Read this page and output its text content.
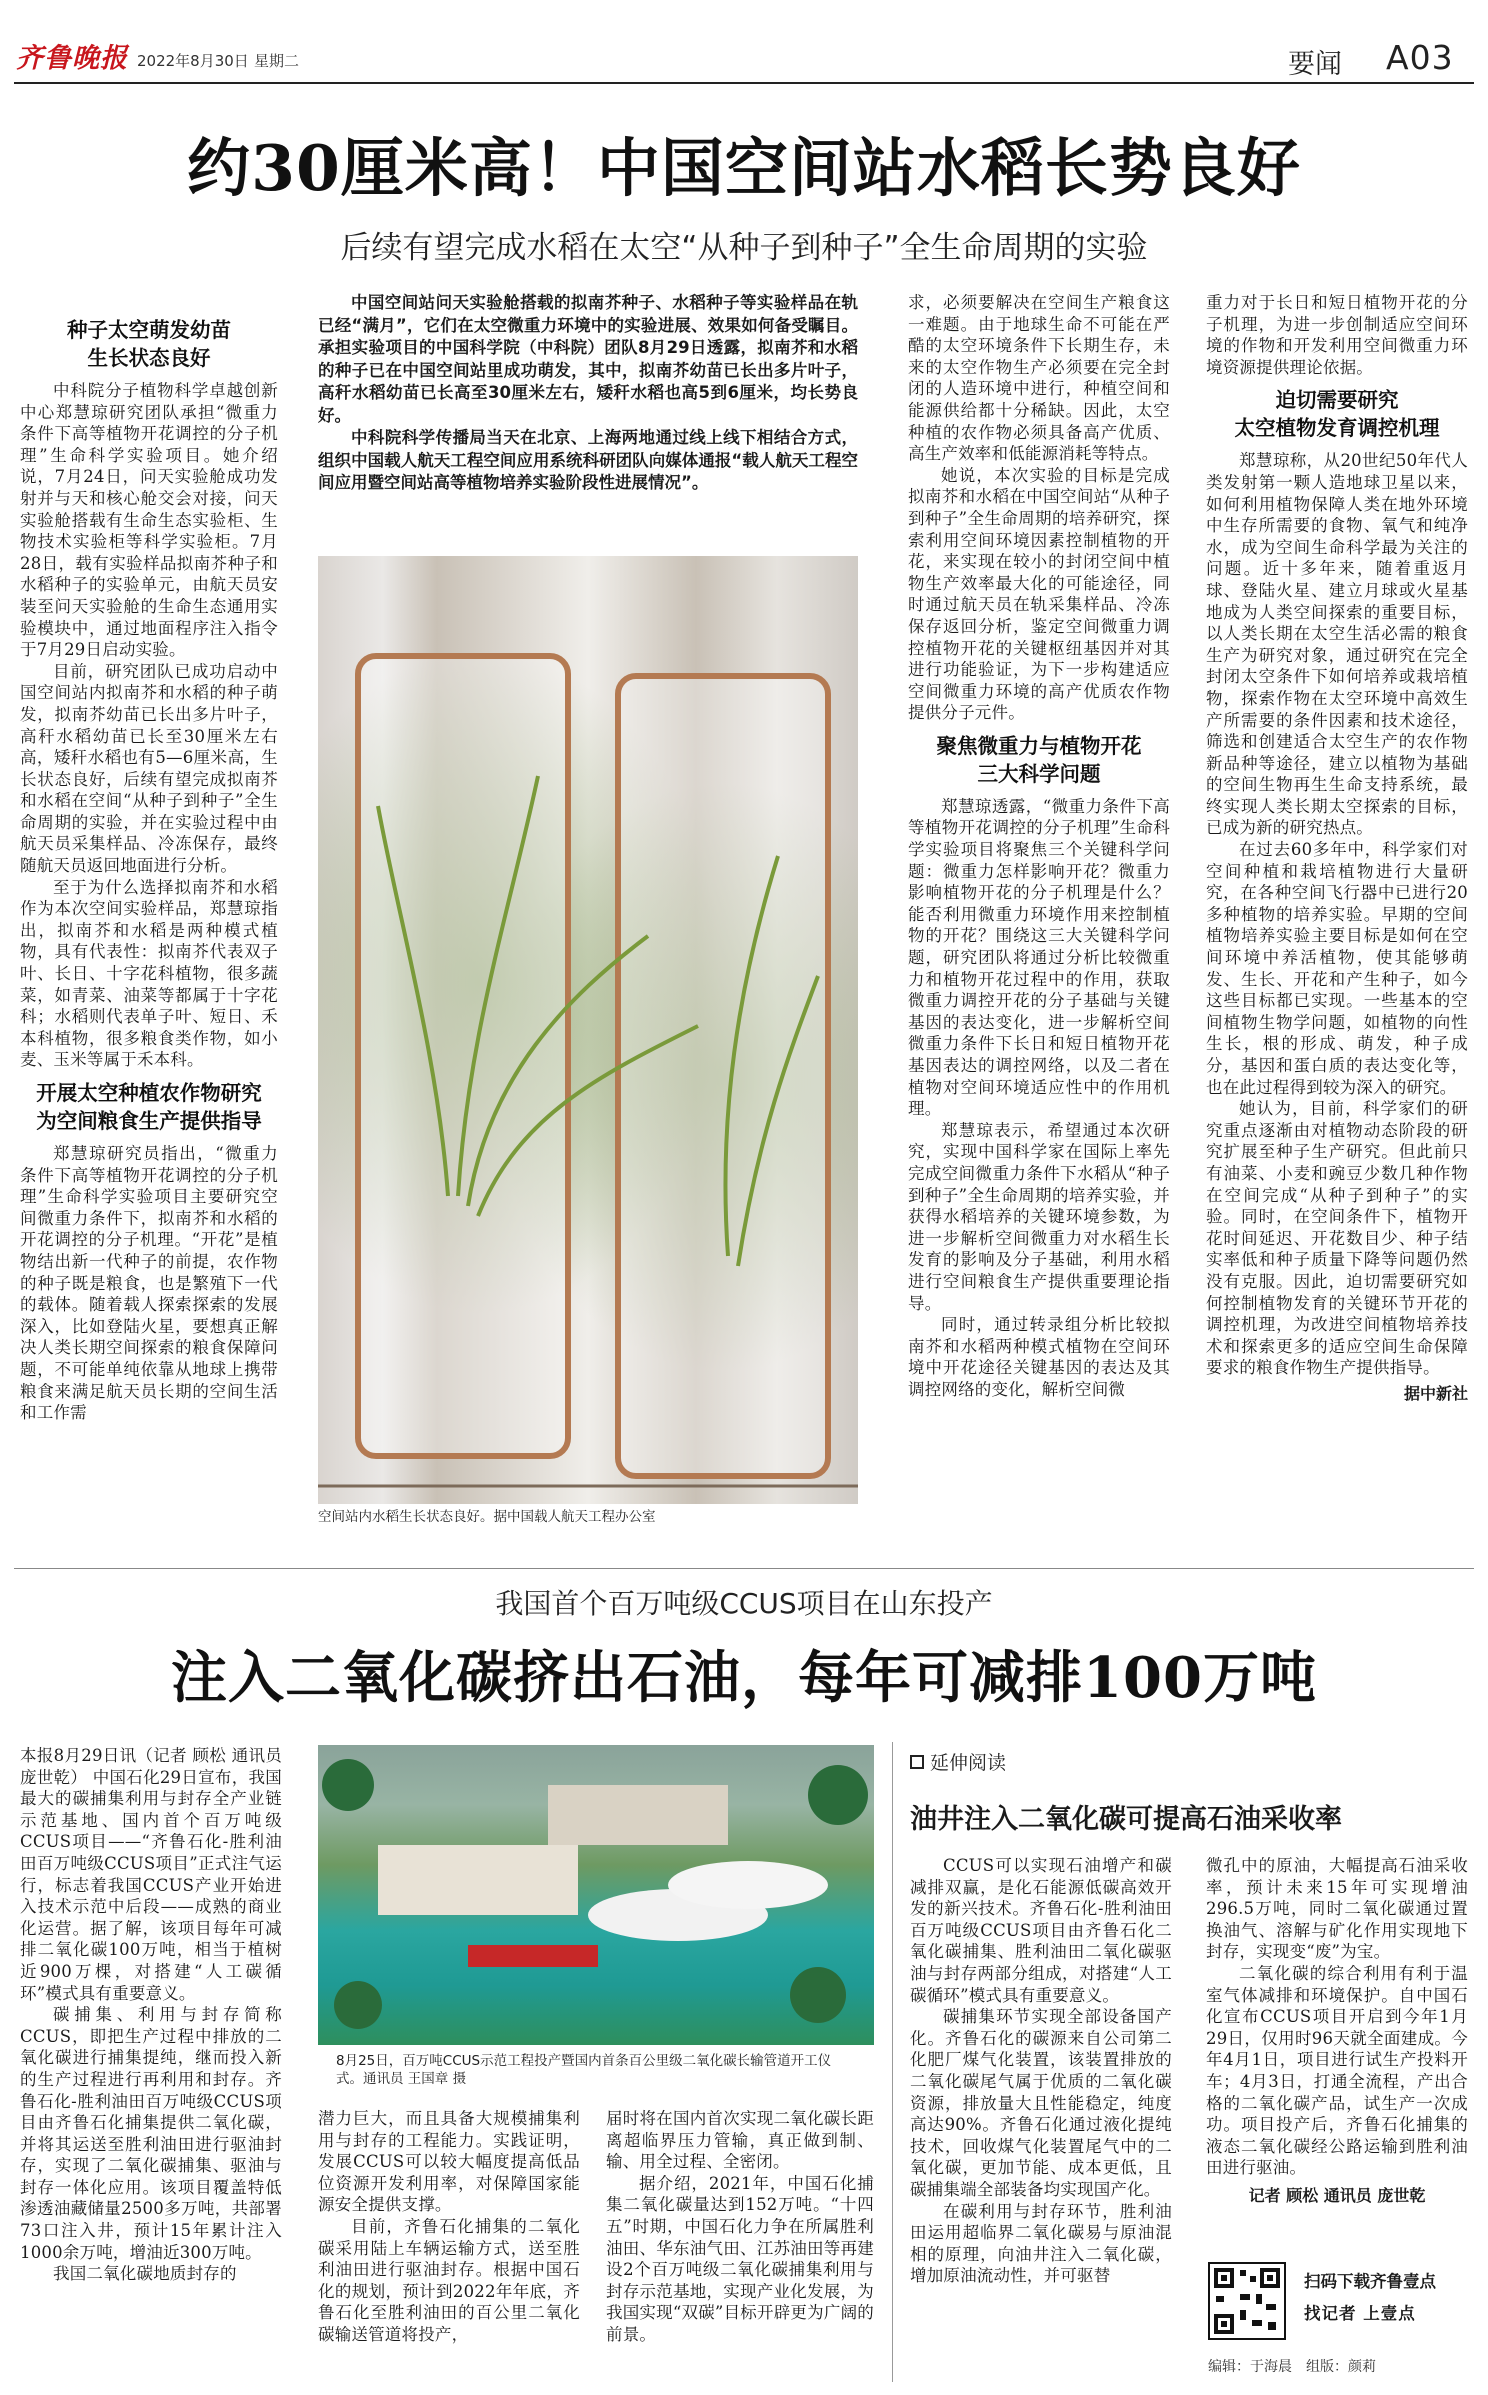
齐鲁晚报 2022年8月30日 星期二	要闻 A03
约30厘米高！中国空间站水稻长势良好
后续有望完成水稻在太空“从种子到种子”全生命周期的实验
种子太空萌发幼苗
生长状态良好

中科院分子植物科学卓越创新中心郑慧琼研究团队承担“微重力条件下高等植物开花调控的分子机理”生命科学实验项目。她介绍说，7月24日，问天实验舱成功发射并与天和核心舱交会对接，问天实验舱搭载有生命生态实验柜、生物技术实验柜等科学实验柜。7月28日，载有实验样品拟南芥种子和水稻种子的实验单元，由航天员安装至问天实验舱的生命生态通用实验模块中，通过地面程序注入指令于7月29日启动实验。

目前，研究团队已成功启动中国空间站内拟南芥和水稻的种子萌发，拟南芥幼苗已长出多片叶子，高秆水稻幼苗已长至30厘米左右高，矮秆水稻也有5—6厘米高，生长状态良好，后续有望完成拟南芥和水稻在空间“从种子到种子”全生命周期的实验，并在实验过程中由航天员采集样品、冷冻保存，最终随航天员返回地面进行分析。

至于为什么选择拟南芥和水稻作为本次空间实验样品，郑慧琼指出，拟南芥和水稻是两种模式植物，具有代表性：拟南芥代表双子叶、长日、十字花科植物，很多蔬菜，如青菜、油菜等都属于十字花科；水稻则代表单子叶、短日、禾本科植物，很多粮食类作物，如小麦、玉米等属于禾本科。

开展太空种植农作物研究
为空间粮食生产提供指导

郑慧琼研究员指出，“微重力条件下高等植物开花调控的分子机理”生命科学实验项目主要研究空间微重力条件下，拟南芥和水稻的开花调控的分子机理。“开花”是植物结出新一代种子的前提，农作物的种子既是粮食，也是繁殖下一代的载体。随着载人探索探索的发展深入，比如登陆火星，要想真正解决人类长期空间探索的粮食保障问题，不可能单纯依靠从地球上携带粮食来满足航天员长期的空间生活和工作需

中国空间站问天实验舱搭载的拟南芥种子、水稻种子等实验样品在轨已经“满月”，它们在太空微重力环境中的实验进展、效果如何备受瞩目。承担实验项目的中国科学院（中科院）团队8月29日透露，拟南芥和水稻的种子已在中国空间站里成功萌发，其中，拟南芥幼苗已长出多片叶子，高秆水稻幼苗已长高至30厘米左右，矮秆水稻也高5到6厘米，均长势良好。

中科院科学传播局当天在北京、上海两地通过线上线下相结合方式，组织中国载人航天工程空间应用系统科研团队向媒体通报“载人航天工程空间应用暨空间站高等植物培养实验阶段性进展情况”。

空间站内水稻生长状态良好。据中国载人航天工程办公室

求，必须要解决在空间生产粮食这一难题。由于地球生命不可能在严酷的太空环境条件下长期生存，未来的太空作物生产必须要在完全封闭的人造环境中进行，种植空间和能源供给都十分稀缺。因此，太空种植的农作物必须具备高产优质、高生产效率和低能源消耗等特点。

她说，本次实验的目标是完成拟南芥和水稻在中国空间站“从种子到种子”全生命周期的培养研究，探索利用空间环境因素控制植物的开花，来实现在较小的封闭空间中植物生产效率最大化的可能途径，同时通过航天员在轨采集样品、冷冻保存返回分析，鉴定空间微重力调控植物开花的关键枢纽基因并对其进行功能验证，为下一步构建适应空间微重力环境的高产优质农作物提供分子元件。

聚焦微重力与植物开花
三大科学问题

郑慧琼透露，“微重力条件下高等植物开花调控的分子机理”生命科学实验项目将聚焦三个关键科学问题：微重力怎样影响开花？微重力影响植物开花的分子机理是什么？能否利用微重力环境作用来控制植物的开花？围绕这三大关键科学问题，研究团队将通过分析比较微重力和植物开花过程中的作用，获取微重力调控开花的分子基础与关键基因的表达变化，进一步解析空间微重力条件下长日和短日植物开花基因表达的调控网络，以及二者在植物对空间环境适应性中的作用机理。

郑慧琼表示，希望通过本次研究，实现中国科学家在国际上率先完成空间微重力条件下水稻从“种子到种子”全生命周期的培养实验，并获得水稻培养的关键环境参数，为进一步解析空间微重力对水稻生长发育的影响及分子基础，利用水稻进行空间粮食生产提供重要理论指导。

同时，通过转录组分析比较拟南芥和水稻两种模式植物在空间环境中开花途径关键基因的表达及其调控网络的变化，解析空间微

重力对于长日和短日植物开花的分子机理，为进一步创制适应空间环境的作物和开发利用空间微重力环境资源提供理论依据。

迫切需要研究
太空植物发育调控机理

郑慧琼称，从20世纪50年代人类发射第一颗人造地球卫星以来，如何利用植物保障人类在地外环境中生存所需要的食物、氧气和纯净水，成为空间生命科学最为关注的问题。近十多年来，随着重返月球、登陆火星、建立月球或火星基地成为人类空间探索的重要目标，以人类长期在太空生活必需的粮食生产为研究对象，通过研究在完全封闭太空条件下如何培养或栽培植物，探索作物在太空环境中高效生产所需要的条件因素和技术途径，筛选和创建适合太空生产的农作物新品种等途径，建立以植物为基础的空间生物再生生命支持系统，最终实现人类长期太空探索的目标，已成为新的研究热点。

在过去60多年中，科学家们对空间种植和栽培植物进行大量研究，在各种空间飞行器中已进行20多种植物的培养实验。早期的空间植物培养实验主要目标是如何在空间环境中养活植物，使其能够萌发、生长、开花和产生种子，如今这些目标都已实现。一些基本的空间植物生物学问题，如植物的向性生长，根的形成、萌发，种子成分，基因和蛋白质的表达变化等，也在此过程得到较为深入的研究。

她认为，目前，科学家们的研究重点逐渐由对植物动态阶段的研究扩展至种子生产研究。但此前只有油菜、小麦和豌豆少数几种作物在空间完成“从种子到种子”的实验。同时，在空间条件下，植物开花时间延迟、开花数目少、种子结实率低和种子质量下降等问题仍然没有克服。因此，迫切需要研究如何控制植物发育的关键环节开花的调控机理，为改进空间植物培养技术和探索更多的适应空间生命保障要求的粮食作物生产提供指导。

据中新社
我国首个百万吨级CCUS项目在山东投产
注入二氧化碳挤出石油，每年可减排100万吨
8月25日，百万吨CCUS示范工程投产暨国内首条百公里级二氧化碳长输管道开工仪式。通讯员 王国章 摄

本报8月29日讯（记者 顾松 通讯员 庞世乾） 中国石化29日宣布，我国最大的碳捕集利用与封存全产业链示范基地、国内首个百万吨级CCUS项目——“齐鲁石化-胜利油田百万吨级CCUS项目”正式注气运行，标志着我国CCUS产业开始进入技术示范中后段——成熟的商业化运营。据了解，该项目每年可减排二氧化碳100万吨，相当于植树近900万棵，对搭建“人工碳循环”模式具有重要意义。

碳捕集、利用与封存简称CCUS，即把生产过程中排放的二氧化碳进行捕集提纯，继而投入新的生产过程进行再利用和封存。齐鲁石化-胜利油田百万吨级CCUS项目由齐鲁石化捕集提供二氧化碳，并将其运送至胜利油田进行驱油封存，实现了二氧化碳捕集、驱油与封存一体化应用。该项目覆盖特低渗透油藏储量2500多万吨，共部署73口注入井，预计15年累计注入1000余万吨，增油近300万吨。

我国二氧化碳地质封存的

潜力巨大，而且具备大规模捕集利用与封存的工程能力。实践证明，发展CCUS可以较大幅度提高低品位资源开发利用率，对保障国家能源安全提供支撑。

目前，齐鲁石化捕集的二氧化碳采用陆上车辆运输方式，送至胜利油田进行驱油封存。根据中国石化的规划，预计到2022年年底，齐鲁石化至胜利油田的百公里二氧化碳输送管道将投产，

届时将在国内首次实现二氧化碳长距离超临界压力管输，真正做到制、输、用全过程、全密闭。

据介绍，2021年，中国石化捕集二氧化碳量达到152万吨。“十四五”时期，中国石化力争在所属胜利油田、华东油气田、江苏油田等再建设2个百万吨级二氧化碳捕集利用与封存示范基地，实现产业化发展，为我国实现“双碳”目标开辟更为广阔的前景。

延伸阅读
油井注入二氧化碳可提高石油采收率

CCUS可以实现石油增产和碳减排双赢，是化石能源低碳高效开发的新兴技术。齐鲁石化-胜利油田百万吨级CCUS项目由齐鲁石化二氧化碳捕集、胜利油田二氧化碳驱油与封存两部分组成，对搭建“人工碳循环”模式具有重要意义。

碳捕集环节实现全部设备国产化。齐鲁石化的碳源来自公司第二化肥厂煤气化装置，该装置排放的二氧化碳尾气属于优质的二氧化碳资源，排放量大且性能稳定，纯度高达90%。齐鲁石化通过液化提纯技术，回收煤气化装置尾气中的二氧化碳，更加节能、成本更低，且碳捕集端全部装备均实现国产化。

在碳利用与封存环节，胜利油田运用超临界二氧化碳易与原油混相的原理，向油井注入二氧化碳，增加原油流动性，并可驱替

微孔中的原油，大幅提高石油采收率，预计未来15年可实现增油296.5万吨，同时二氧化碳通过置换油气、溶解与矿化作用实现地下封存，实现变“废”为宝。

二氧化碳的综合利用有利于温室气体减排和环境保护。自中国石化宣布CCUS项目开启到今年1月29日，仅用时96天就全面建成。今年4月1日，项目进行试生产投料开车；4月3日，打通全流程，产出合格的二氧化碳产品，试生产一次成功。项目投产后，齐鲁石化捕集的液态二氧化碳经公路运输到胜利油田进行驱油。

记者 顾松 通讯员 庞世乾
扫码下载齐鲁壹点
找记者 上壹点
编辑：于海晨　组版：颜莉
